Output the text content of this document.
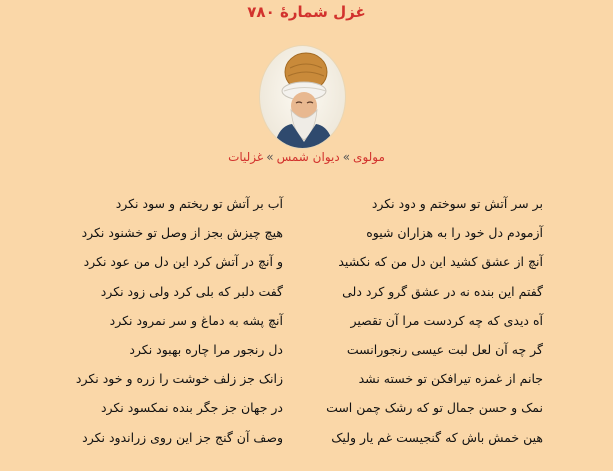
غزل شمارهٔ ۷۸۰
مولوی»دیوان شمس»غزلیات
بر سر آتش تو سوختم و دود نکرد
آب بر آتش تو ریختم و سود نکرد
آزمودم دل خود را به هزاران شیوه
هیچ چیزش بجز از وصل تو خشنود نکرد
آنچ از عشق کشید این دل من که نکشید
و آنچ در آتش کرد این دل من عود نکرد
گفتم این بنده نه در عشق گرو کرد دلی
گفت دلبر که بلی کرد ولی زود نکرد
آه دیدی که چه کردست مرا آن تقصیر
آنچ پشه به دماغ و سر نمرود نکرد
گر چه آن لعل لبت عیسی رنجورانست
دل رنجور مرا چاره بهبود نکرد
جانم از غمزه تیرافکن تو خسته نشد
زانک جز زلف خوشت را زره و خود نکرد
نمک و حسن جمال تو که رشک چمن است
در جهان جز جگر بنده نمکسود نکرد
هین خمش باش که گنجیست غم یار ولیک
وصف آن گنج جز این روی زراندود نکرد
